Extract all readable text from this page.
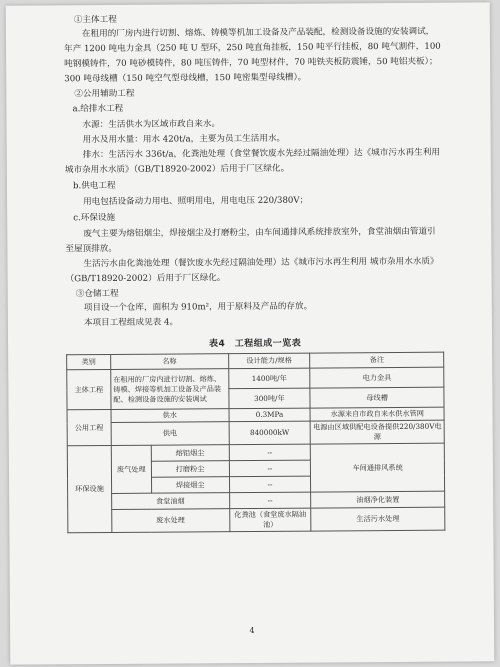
①主体工程

在租用的厂房内进行切割、熔炼、铸模等机加工设备及产品装配，检测设备设施的安装调试，年产 1200 吨电力金具（250 吨 U 型环，250 吨直角挂板，150 吨平行挂板，80 吨气割件，100 吨钢模铸件，70 吨砂模铸件，80 吨压铸件，70 吨型材件，70 吨铁夹板防震锤，50 吨铝夹板）；300 吨母线槽（150 吨空气型母线槽，150 吨密集型母线槽）。

②公用辅助工程

a.给排水工程

水源：生活供水为区域市政自来水。

用水及用水量：用水 420t/a，主要为员工生活用水。

排水：生活污水 336t/a，化粪池处理（食堂餐饮废水先经过隔油处理）达《城市污水再生利用 城市杂用水水质》（GB/T18920-2002）后用于厂区绿化。

b.供电工程

用电包括设备动力用电、照明用电，用电电压 220/380V；

c.环保设施

废气主要为熔铝烟尘，焊接烟尘及打磨粉尘，由车间通排风系统排放室外，食堂油烟由管道引至屋顶排放。

生活污水由化粪池处理（餐饮废水先经过隔油处理）达《城市污水再生利用 城市杂用水水质》（GB/T18920-2002）后用于厂区绿化。

③仓储工程

项目设一个仓库，面积为 910m²，用于原料及产品的存放。

本项目工程组成见表 4。

表4　工程组成一览表
类别	名称		设计能力/规格	备注
主体工程	在租用的厂房内进行切割、熔炼、铸模、焊接等机加工设备及产品装配、检测设备设施的安装调试		1400吨/年	电力金具
			300吨/年	母线槽
公用工程	供水		0.3MPa	水源来自市政自来水供水管网
	供电		840000kW	电源由区域供配电设备提供220/380V电源
环保设施	废气处理	熔铝烟尘	--	车间通排风系统
		打磨粉尘	--	
		焊接烟尘	--	
	食堂油烟		--	油烟净化装置
	废水处理		化粪池（食堂废水隔油池）	生活污水处理
4
